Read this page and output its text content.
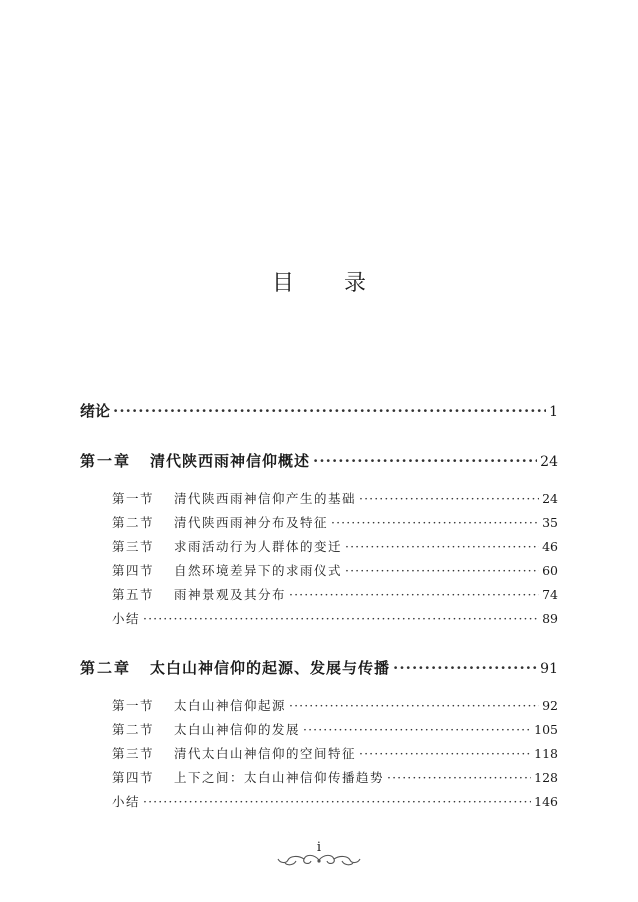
目录
绪论 ·····	1
第一章	清代陕西雨神信仰概述 ·····	24
第一节	清代陕西雨神信仰产生的基础 ·····	24
第二节	清代陕西雨神分布及特征 ·····	35
第三节	求雨活动行为人群体的变迁 ·····	46
第四节	自然环境差异下的求雨仪式 ·····	60
第五节	雨神景观及其分布 ·····	74
小结 ·····	89
第二章	太白山神信仰的起源、发展与传播 ·····	91
第一节	太白山神信仰起源 ·····	92
第二节	太白山神信仰的发展 ·····	105
第三节	清代太白山神信仰的空间特征 ·····	118
第四节	上下之间：太白山神信仰传播趋势 ·····	128
小结 ·····	146
i
